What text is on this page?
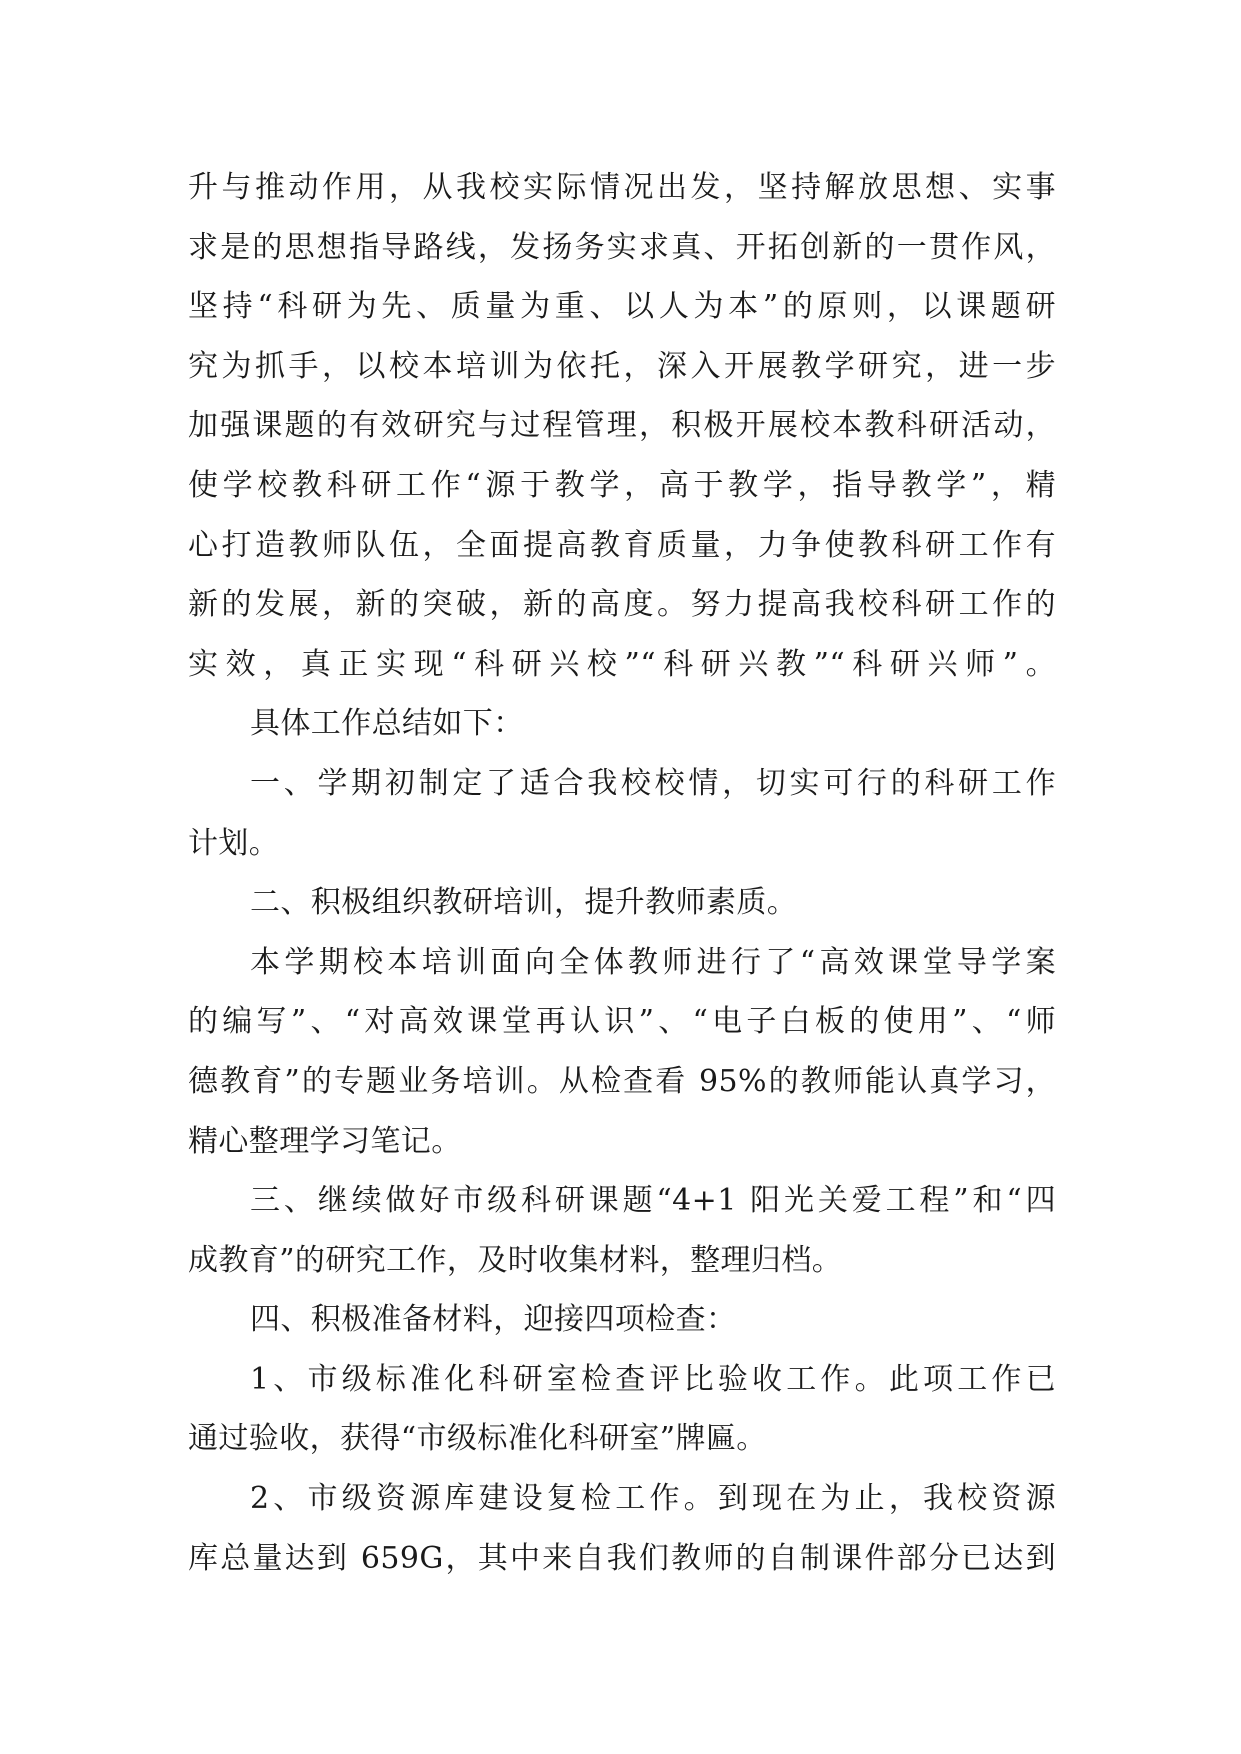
升与推动作用，从我校实际情况出发，坚持解放思想、实事
求是的思想指导路线，发扬务实求真、开拓创新的一贯作风，
坚持“科研为先、质量为重、以人为本”的原则，以课题研
究为抓手，以校本培训为依托，深入开展教学研究，进一步
加强课题的有效研究与过程管理，积极开展校本教科研活动，
使学校教科研工作“源于教学，高于教学，指导教学”，精
心打造教师队伍，全面提高教育质量，力争使教科研工作有
新的发展，新的突破，新的高度。努力提高我校科研工作的
实效，真正实现“科研兴校”“科研兴教”“科研兴师”。
具体工作总结如下：
一、学期初制定了适合我校校情，切实可行的科研工作
计划。
二、积极组织教研培训，提升教师素质。
本学期校本培训面向全体教师进行了“高效课堂导学案
的编写”、“对高效课堂再认识”、“电子白板的使用”、“师
德教育”的专题业务培训。从检查看 95%的教师能认真学习，
精心整理学习笔记。
三、继续做好市级科研课题“4+1 阳光关爱工程”和“四
成教育”的研究工作，及时收集材料，整理归档。
四、积极准备材料，迎接四项检查：
1、市级标准化科研室检查评比验收工作。此项工作已
通过验收，获得“市级标准化科研室”牌匾。
2、市级资源库建设复检工作。到现在为止，我校资源
库总量达到 659G，其中来自我们教师的自制课件部分已达到
